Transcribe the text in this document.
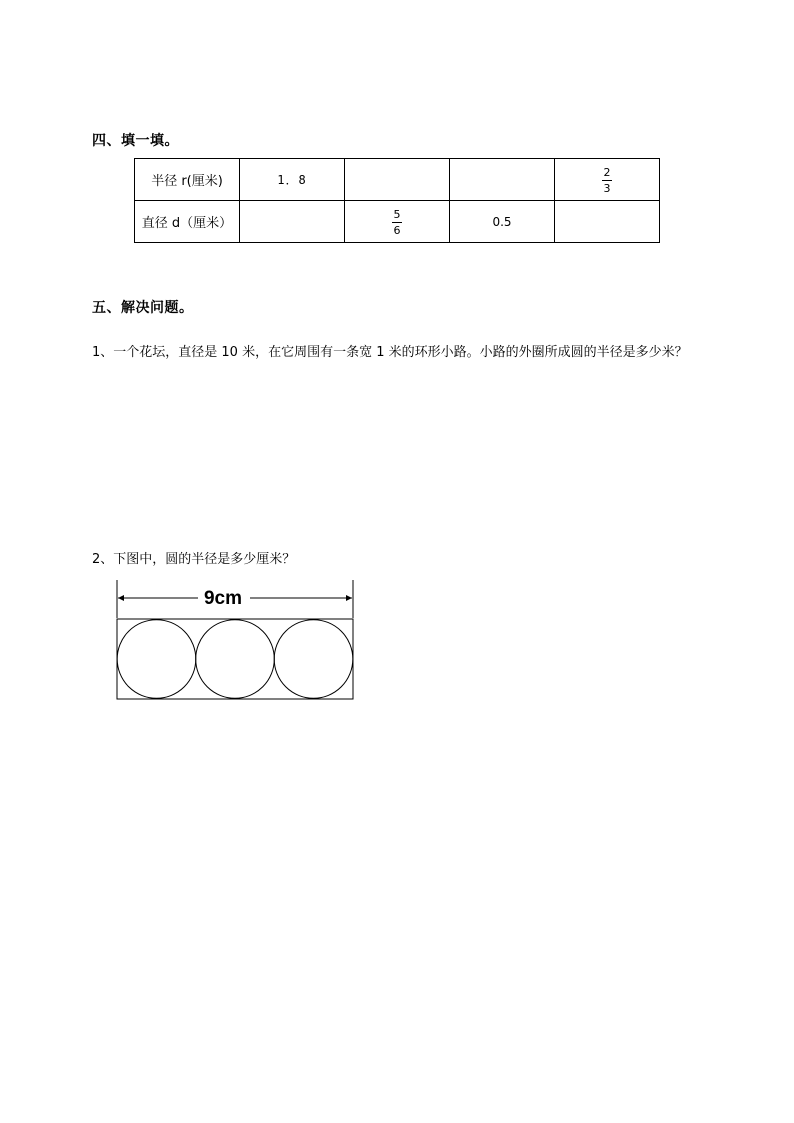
四、填一填。
半径 r(厘米)	1．8			$\frac{2}{3}$

直径 d（厘米）		$\frac{5}{6}$	0.5	
五、解决问题。
1、一个花坛，直径是 10 米，在它周围有一条宽 1 米的环形小路。小路的外圈所成圆的半径是多少米？
2、下图中，圆的半径是多少厘米？
9cm
